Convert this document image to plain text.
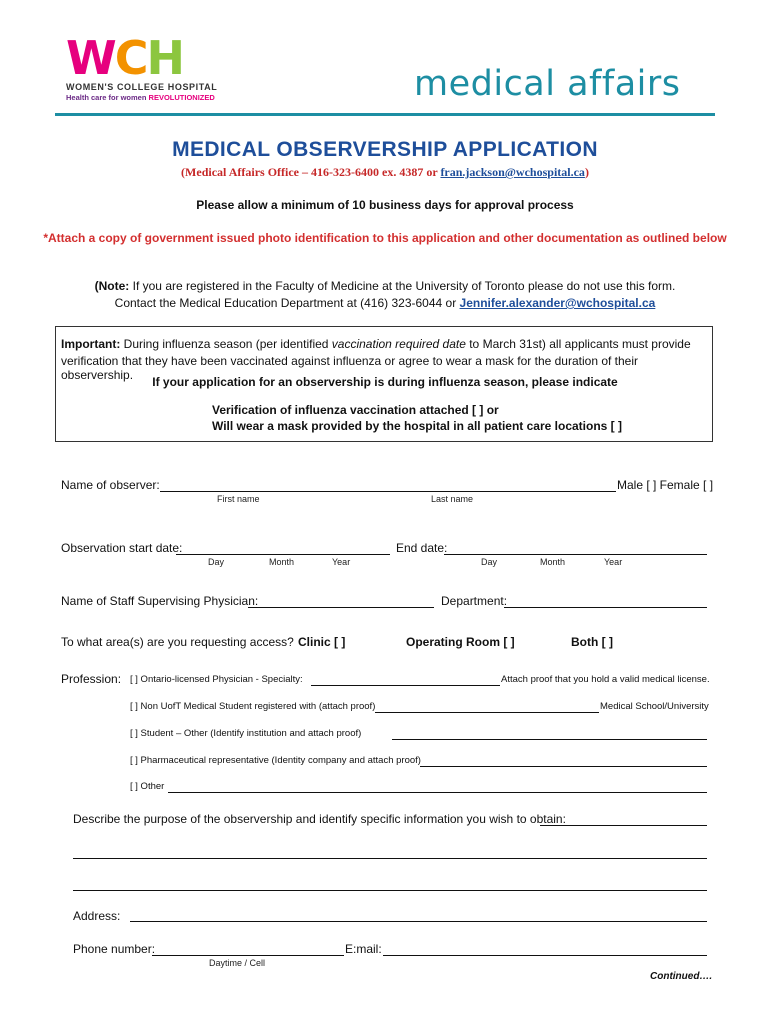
WCH
WOMEN'S COLLEGE HOSPITAL
Health care for women REVOLUTIONIZED	medical affairs
MEDICAL OBSERVERSHIP APPLICATION
(Medical Affairs Office – 416-323-6400 ex. 4387 or fran.jackson@wchospital.ca)
Please allow a minimum of 10 business days for approval process
*Attach a copy of government issued photo identification to this application and other documentation as outlined below
(Note: If you are registered in the Faculty of Medicine at the University of Toronto please do not use this form.
Contact the Medical Education Department at (416) 323-6044 or Jennifer.alexander@wchospital.ca
Important: During influenza season (per identified vaccination required date to March 31st) all applicants must provide
verification that they have been vaccinated against influenza or agree to wear a mask for the duration of their observership.	If your application for an observership is during influenza season, please indicate
Verification of influenza vaccination attached [ ] or
Will wear a mask provided by the hospital in all patient care locations [ ]
Name of observer:	Male [ ] Female [ ]
First name	Last name
Observation start date:
Day	Month	Year
End date:
Day	Month	Year
Name of Staff Supervising Physician:	Department:
To what area(s) are you requesting access? Clinic [ ]	Operating Room [ ]	Both [ ]
Profession: [ ] Ontario-licensed Physician - Specialty:	Attach proof that you hold a valid medical license.
[ ] Non UofT Medical Student registered with (attach proof)	Medical School/University
[ ] Student – Other (Identify institution and attach proof)
[ ] Pharmaceutical representative (Identity company and attach proof)
[ ] Other
Describe the purpose of the observership and identify specific information you wish to obtain:
Address:
Phone number:	E:mail:
Daytime / Cell
Continued….
